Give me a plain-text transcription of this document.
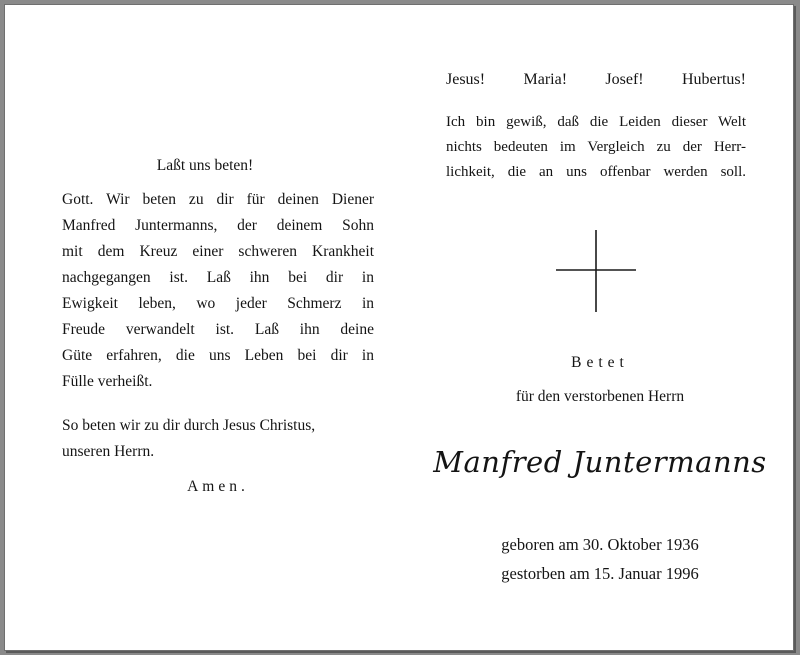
Laßt uns beten!
Gott. Wir beten zu dir für deinen Diener
Manfred Juntermanns, der deinem Sohn
mit dem Kreuz einer schweren Krankheit
nachgegangen ist. Laß ihn bei dir in
Ewigkeit leben, wo jeder Schmerz in
Freude verwandelt ist. Laß ihn deine
Güte erfahren, die uns Leben bei dir in
Fülle verheißt.
So beten wir zu dir durch Jesus Christus,
unseren Herrn.
Amen.
Jesus! Maria! Josef! Hubertus!
Ich bin gewiß, daß die Leiden dieser Welt
nichts bedeuten im Vergleich zu der Herr-
lichkeit, die an uns offenbar werden soll.
Betet
für den verstorbenen Herrn
Manfred Juntermanns
geboren am 30. Oktober 1936
gestorben am 15. Januar 1996
